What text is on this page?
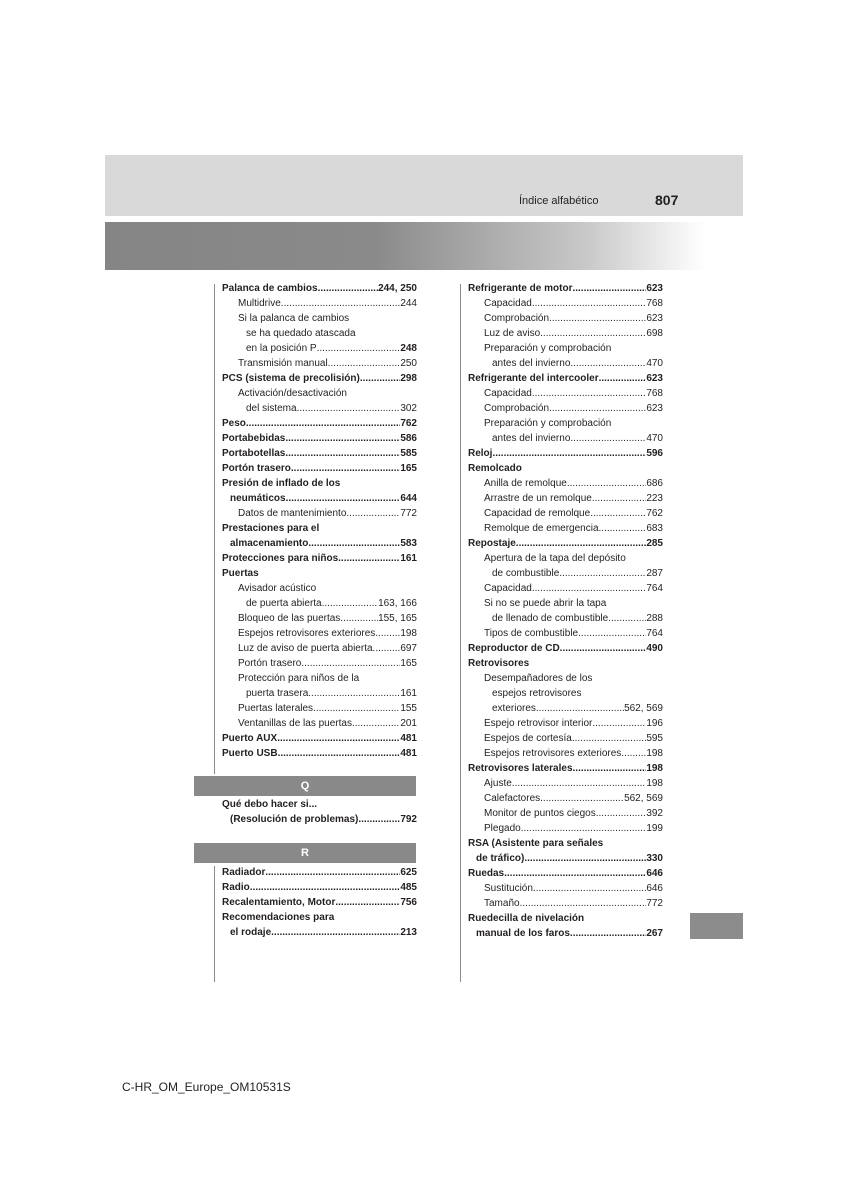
Índice alfabético	807
Palanca de cambios .....	244, 250
Multidrive .....	244
Si la palanca de cambios
se ha quedado atascada
en la posición P .....	248
Transmisión manual .....	250
PCS (sistema de precolisión) .....	298
Activación/desactivación
del sistema .....	302
Peso .....	762
Portabebidas .....	586
Portabotellas .....	585
Portón trasero .....	165
Presión de inflado de los
neumáticos .....	644
Datos de mantenimiento .....	772
Prestaciones para el
almacenamiento .....	583
Protecciones para niños .....	161
Puertas
Avisador acústico
de puerta abierta .....	163, 166
Bloqueo de las puertas .....	155, 165
Espejos retrovisores exteriores .....	198
Luz de aviso de puerta abierta .....	697
Portón trasero .....	165
Protección para niños de la
puerta trasera .....	161
Puertas laterales .....	155
Ventanillas de las puertas .....	201
Puerto AUX .....	481
Puerto USB .....	481
Q
Qué debo hacer si...
(Resolución de problemas) .....	792
R
Radiador .....	625
Radio .....	485
Recalentamiento, Motor .....	756
Recomendaciones para
el rodaje .....	213
Refrigerante de motor .....	623
Capacidad .....	768
Comprobación .....	623
Luz de aviso .....	698
Preparación y comprobación
antes del invierno .....	470
Refrigerante del intercooler .....	623
Capacidad .....	768
Comprobación .....	623
Preparación y comprobación
antes del invierno .....	470
Reloj .....	596
Remolcado
Anilla de remolque .....	686
Arrastre de un remolque .....	223
Capacidad de remolque .....	762
Remolque de emergencia .....	683
Repostaje .....	285
Apertura de la tapa del depósito
de combustible .....	287
Capacidad .....	764
Si no se puede abrir la tapa
de llenado de combustible .....	288
Tipos de combustible .....	764
Reproductor de CD .....	490
Retrovisores
Desempañadores de los
espejos retrovisores
exteriores .....	562, 569
Espejo retrovisor interior .....	196
Espejos de cortesía .....	595
Espejos retrovisores exteriores .....	198
Retrovisores laterales .....	198
Ajuste .....	198
Calefactores .....	562, 569
Monitor de puntos ciegos .....	392
Plegado .....	199
RSA (Asistente para señales
de tráfico) .....	330
Ruedas .....	646
Sustitución .....	646
Tamaño .....	772
Ruedecilla de nivelación
manual de los faros .....	267
C-HR_OM_Europe_OM10531S
